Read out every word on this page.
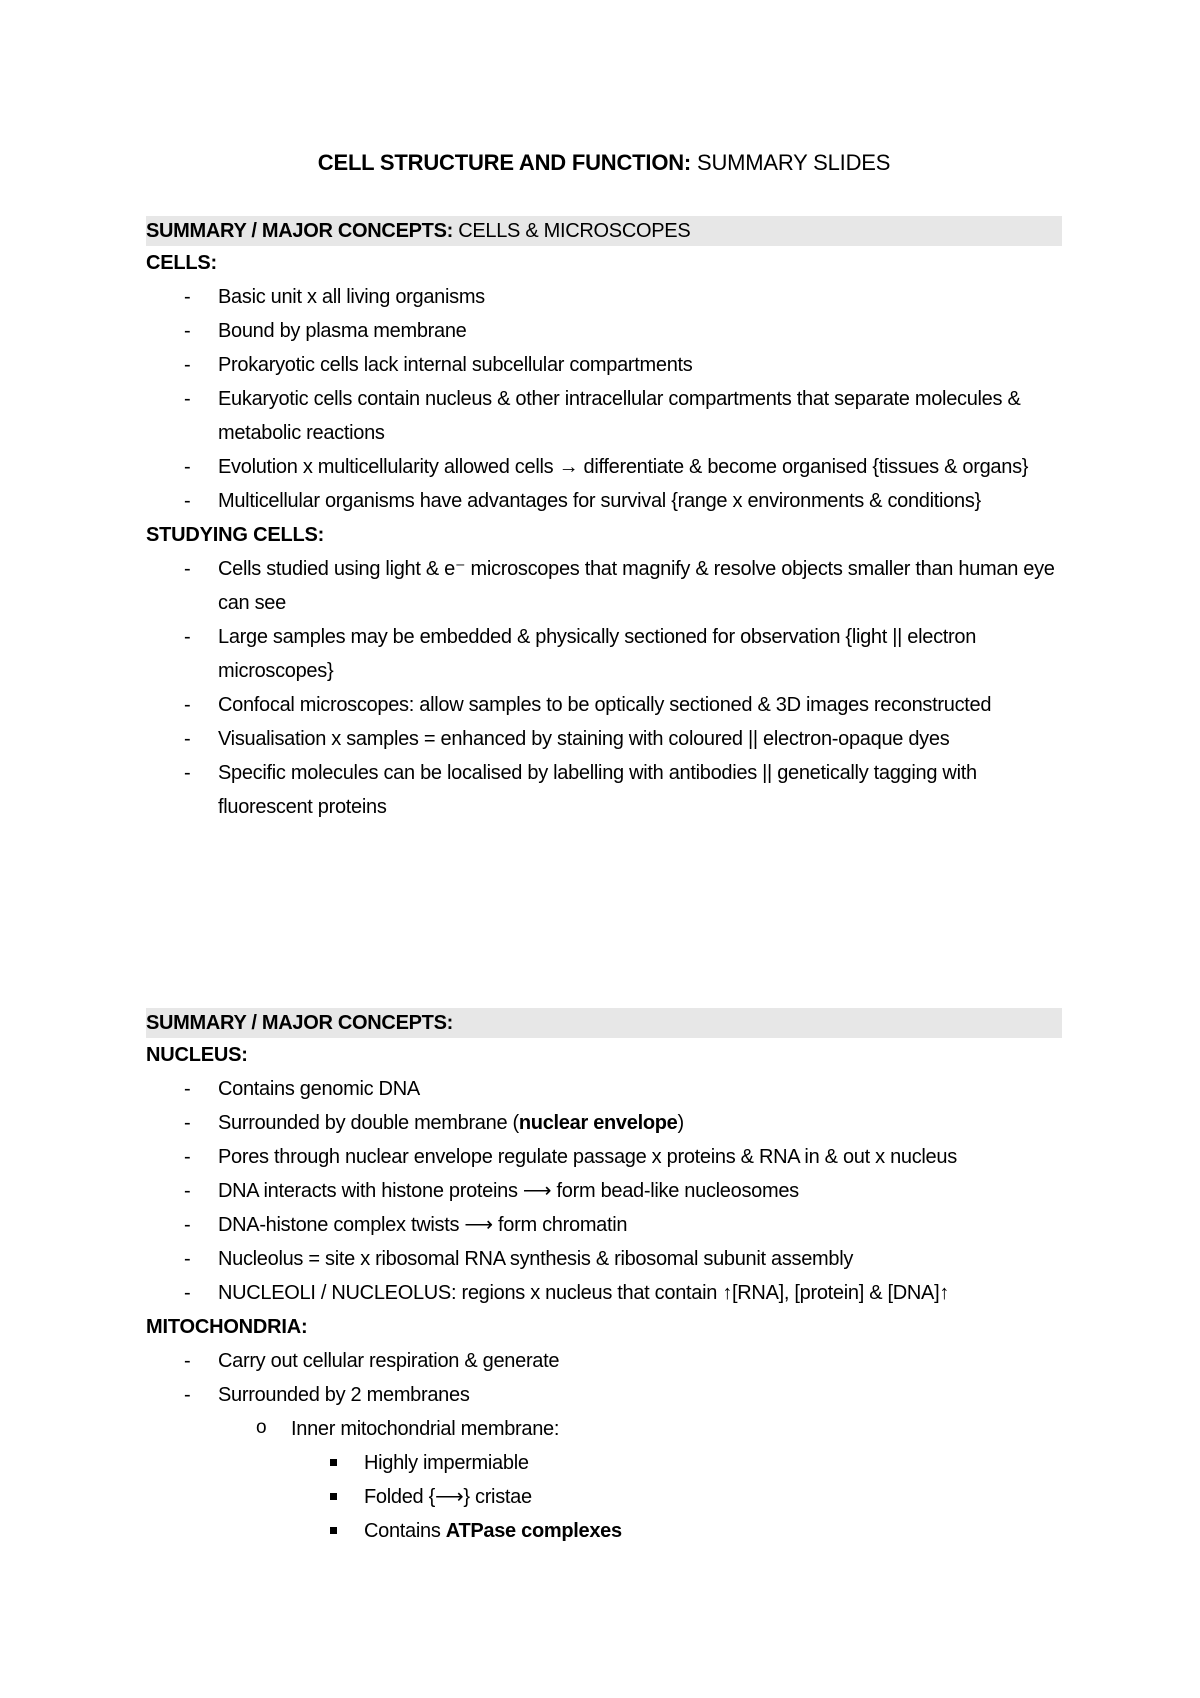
CELL STRUCTURE AND FUNCTION: SUMMARY SLIDES
SUMMARY / MAJOR CONCEPTS: CELLS & MICROSCOPES
CELLS:
- Basic unit x all living organisms
- Bound by plasma membrane
- Prokaryotic cells lack internal subcellular compartments
- Eukaryotic cells contain nucleus & other intracellular compartments that separate molecules & metabolic reactions
- Evolution x multicellularity allowed cells → differentiate & become organised {tissues & organs}
- Multicellular organisms have advantages for survival {range x environments & conditions}
STUDYING CELLS:
- Cells studied using light & e⁻ microscopes that magnify & resolve objects smaller than human eye can see
- Large samples may be embedded & physically sectioned for observation {light || electron microscopes}
- Confocal microscopes: allow samples to be optically sectioned & 3D images reconstructed
- Visualisation x samples = enhanced by staining with coloured || electron-opaque dyes
- Specific molecules can be localised by labelling with antibodies || genetically tagging with fluorescent proteins
SUMMARY / MAJOR CONCEPTS:
NUCLEUS:
- Contains genomic DNA
- Surrounded by double membrane (nuclear envelope)
- Pores through nuclear envelope regulate passage x proteins & RNA in & out x nucleus
- DNA interacts with histone proteins ⟶ form bead-like nucleosomes
- DNA-histone complex twists ⟶ form chromatin
- Nucleolus = site x ribosomal RNA synthesis & ribosomal subunit assembly
- NUCLEOLI / NUCLEOLUS: regions x nucleus that contain ↑[RNA], [protein] & [DNA]↑
MITOCHONDRIA:
- Carry out cellular respiration & generate
- Surrounded by 2 membranes
o Inner mitochondrial membrane:
Highly impermiable
Folded {⟶} cristae
Contains ATPase complexes
